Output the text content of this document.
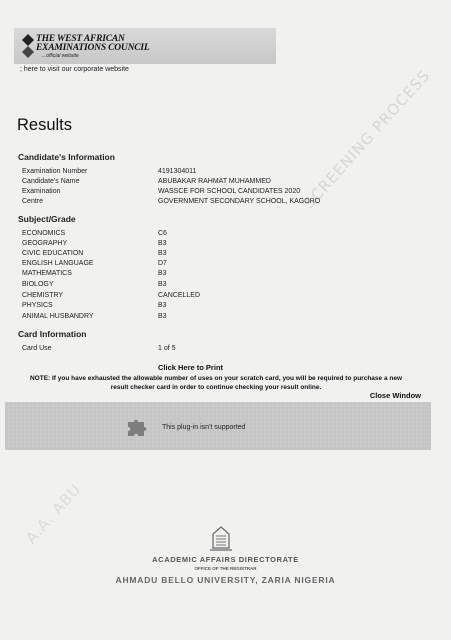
THE WEST AFRICAN
EXAMINATIONS COUNCIL
...official website
; here to visit our corporate website
Results
Candidate's Information
Examination Number	4191304011
Candidate's Name	ABUBAKAR RAHMAT MUHAMMED
Examination	WASSCE FOR SCHOOL CANDIDATES 2020
Centre	GOVERNMENT SECONDARY SCHOOL, KAGORO
Subject/Grade
ECONOMICS	C6
GEOGRAPHY	B3
CIVIC EDUCATION	B3
ENGLISH LANGUAGE	D7
MATHEMATICS	B3
BIOLOGY	B3
CHEMISTRY	CANCELLED
PHYSICS	B3
ANIMAL HUSBANDRY	B3
Card Information
Card Use	1 of 5
Click Here to Print
NOTE: If you have exhausted the allowable number of uses on your scratch card, you will be required to purchase a new result checker card in order to continue checking your result online.
Close Window
This plug-in isn't supported
ACADEMIC AFFAIRS DIRECTORATE
OFFICE OF THE REGISTRAR
AHMADU BELLO UNIVERSITY, ZARIA NIGERIA
SCREENING PROCESS
A.A. ABU
